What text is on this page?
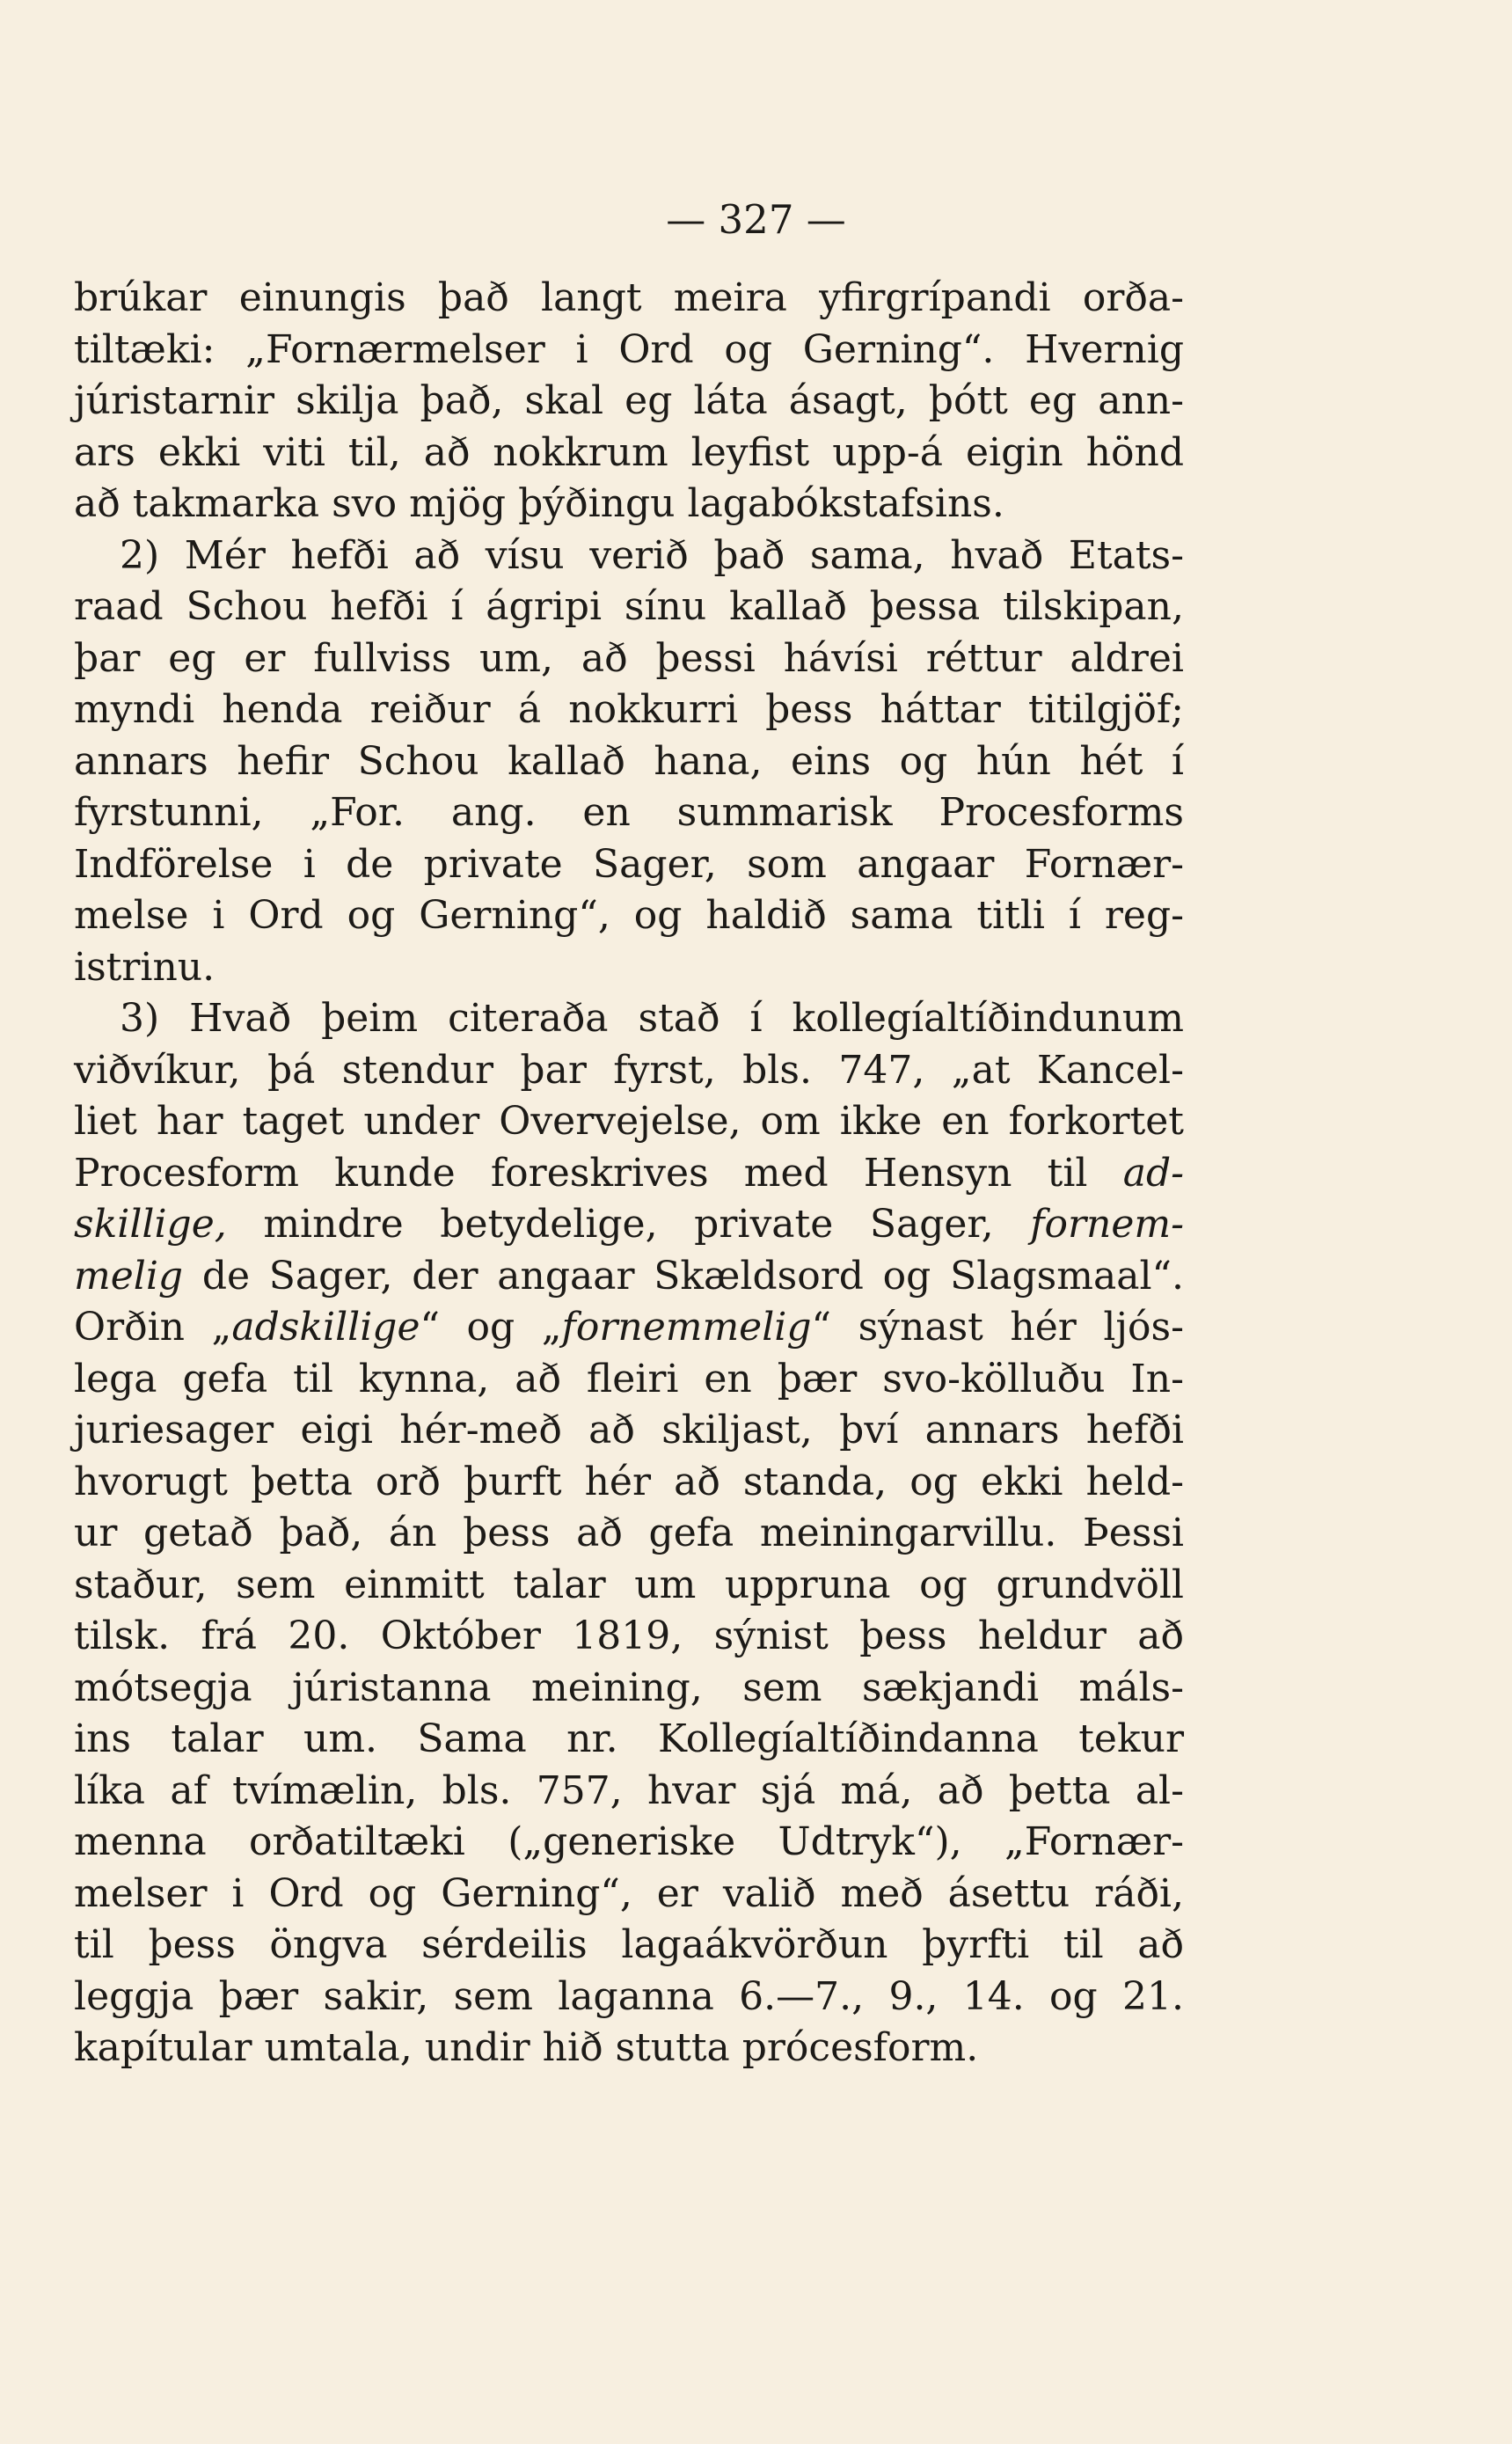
— 327 —
brúkar einungis það langt meira yfirgrípandi orða-
tiltæki: „Fornærmelser i Ord og Gerning“. Hvernig
júristarnir skilja það, skal eg láta ásagt, þótt eg ann-
ars ekki viti til, að nokkrum leyfist upp-á eigin hönd
að takmarka svo mjög þýðingu lagabókstafsins.
2) Mér hefði að vísu verið það sama, hvað Etats-
raad Schou hefði í ágripi sínu kallað þessa tilskipan,
þar eg er fullviss um, að þessi hávísi réttur aldrei
myndi henda reiður á nokkurri þess háttar titilgjöf;
annars hefir Schou kallað hana, eins og hún hét í
fyrstunni, „For. ang. en summarisk Procesforms
Indförelse i de private Sager, som angaar Fornær-
melse i Ord og Gerning“, og haldið sama titli í reg-
istrinu.
3) Hvað þeim citeraða stað í kollegíaltíðindunum
viðvíkur, þá stendur þar fyrst, bls. 747, „at Kancel-
liet har taget under Overvejelse, om ikke en forkortet
Procesform kunde foreskrives med Hensyn til ad-
skillige, mindre betydelige, private Sager, fornem-
melig de Sager, der angaar Skældsord og Slagsmaal“.
Orðin „adskillige“ og „fornemmelig“ sýnast hér ljós-
lega gefa til kynna, að fleiri en þær svo-kölluðu In-
juriesager eigi hér-með að skiljast, því annars hefði
hvorugt þetta orð þurft hér að standa, og ekki held-
ur getað það, án þess að gefa meiningarvillu. Þessi
staður, sem einmitt talar um uppruna og grundvöll
tilsk. frá 20. Október 1819, sýnist þess heldur að
mótsegja júristanna meining, sem sækjandi máls-
ins talar um. Sama nr. Kollegíaltíðindanna tekur
líka af tvímælin, bls. 757, hvar sjá má, að þetta al-
menna orðatiltæki („generiske Udtryk“), „Fornær-
melser i Ord og Gerning“, er valið með ásettu ráði,
til þess öngva sérdeilis lagaákvörðun þyrfti til að
leggja þær sakir, sem laganna 6.—7., 9., 14. og 21.
kapítular umtala, undir hið stutta prócesform.
